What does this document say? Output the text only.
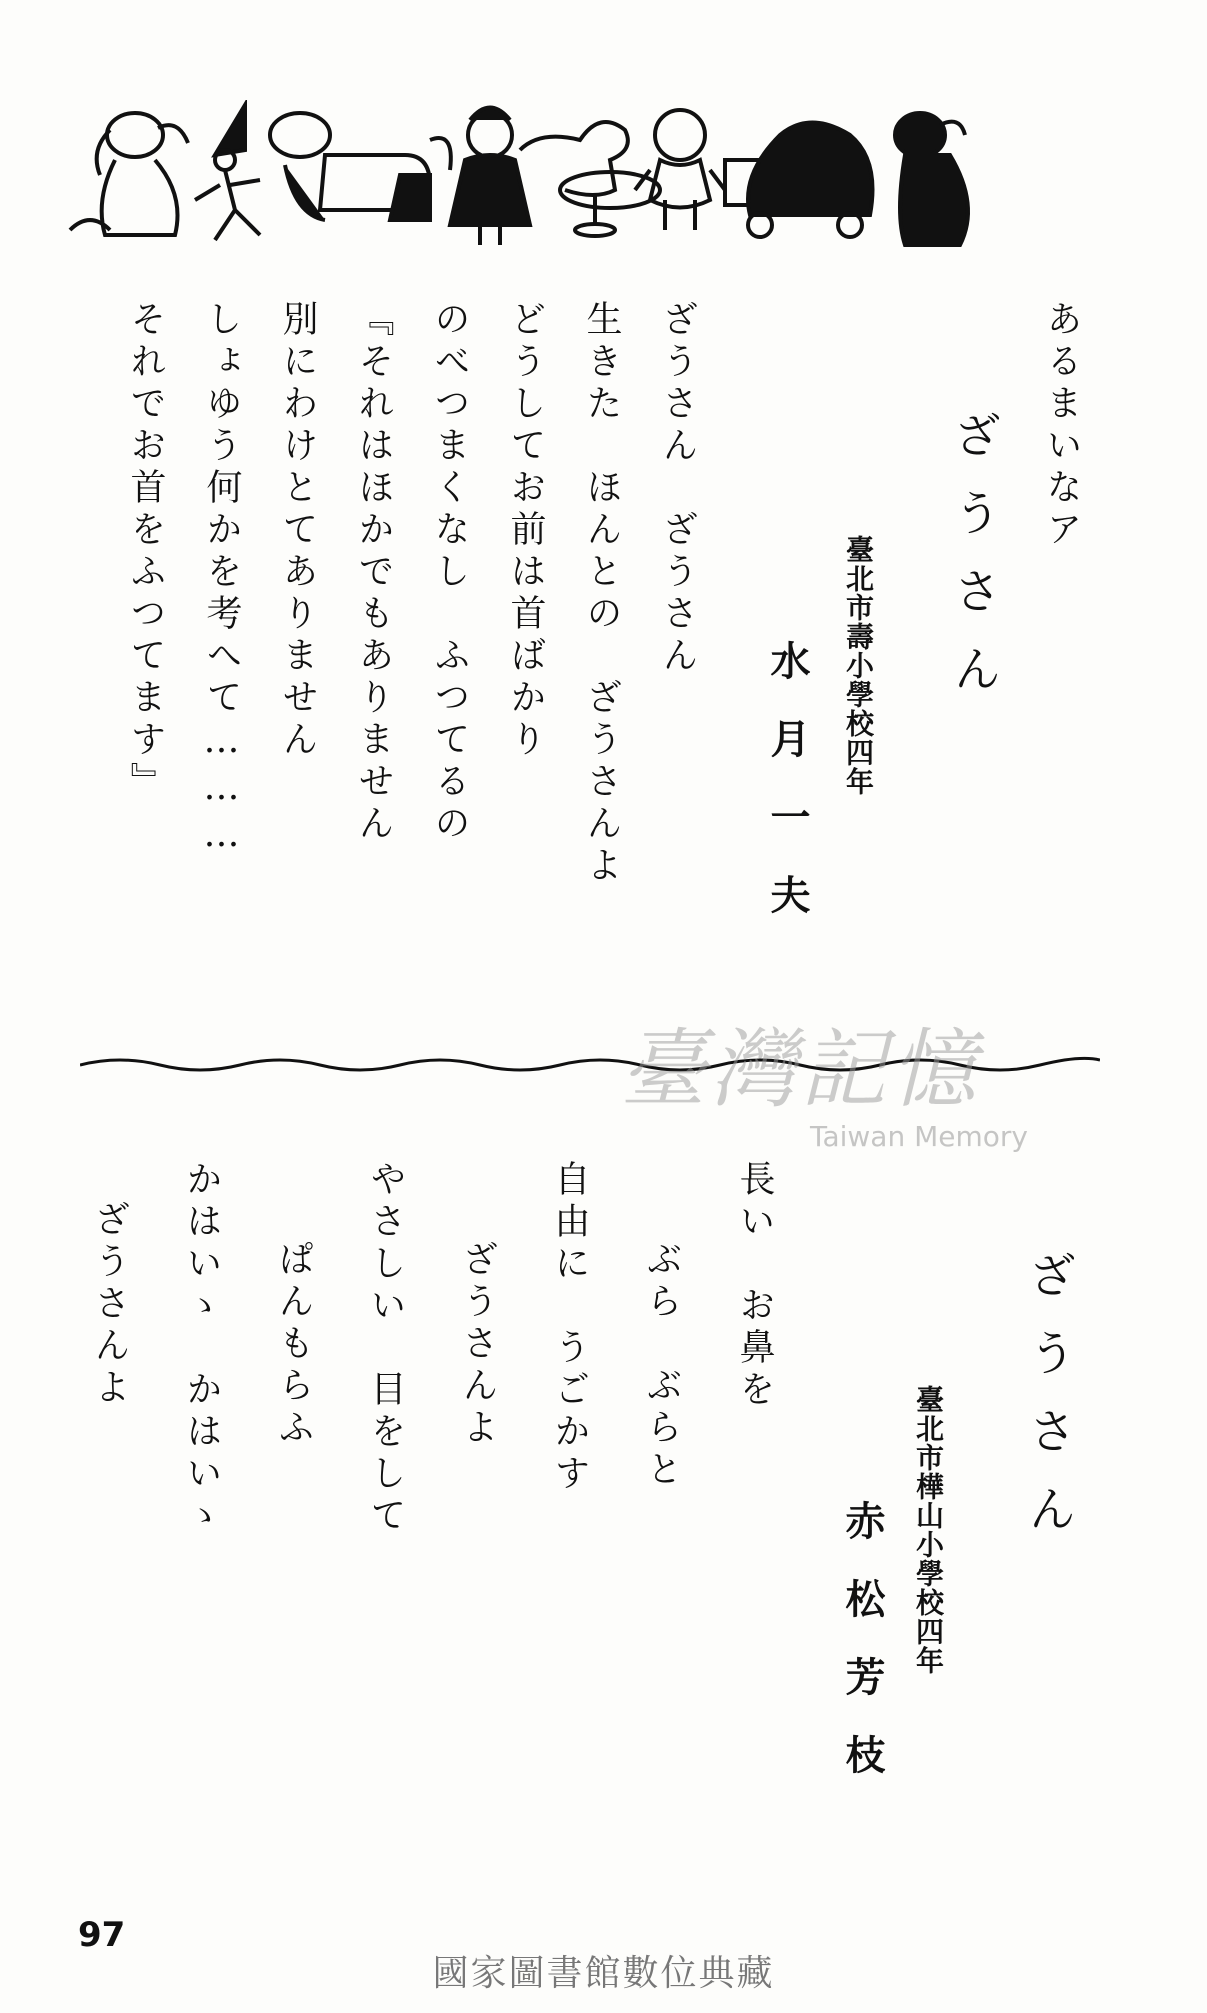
あるまいなア
ざうさん
臺北市壽小學校四年
水月一夫
ざうさん　ざうさん
生きた　ほんとの　ざうさんよ
どうしてお前は首ばかり
のべつまくなし　ふつてるの
『それはほかでもありません
別にわけとてありません
しょゆう何かを考へて………
それでお首をふつてます』
臺灣記憶
Taiwan Memory
ざうさん
臺北市樺山小學校四年
赤松芳枝
長い　お鼻を
ぶら　ぶらと
自由に　うごかす
ざうさんよ
やさしい　目をして
ぱんもらふ
かはいゝ　かはいゝ
ざうさんよ
97
國家圖書館數位典藏
